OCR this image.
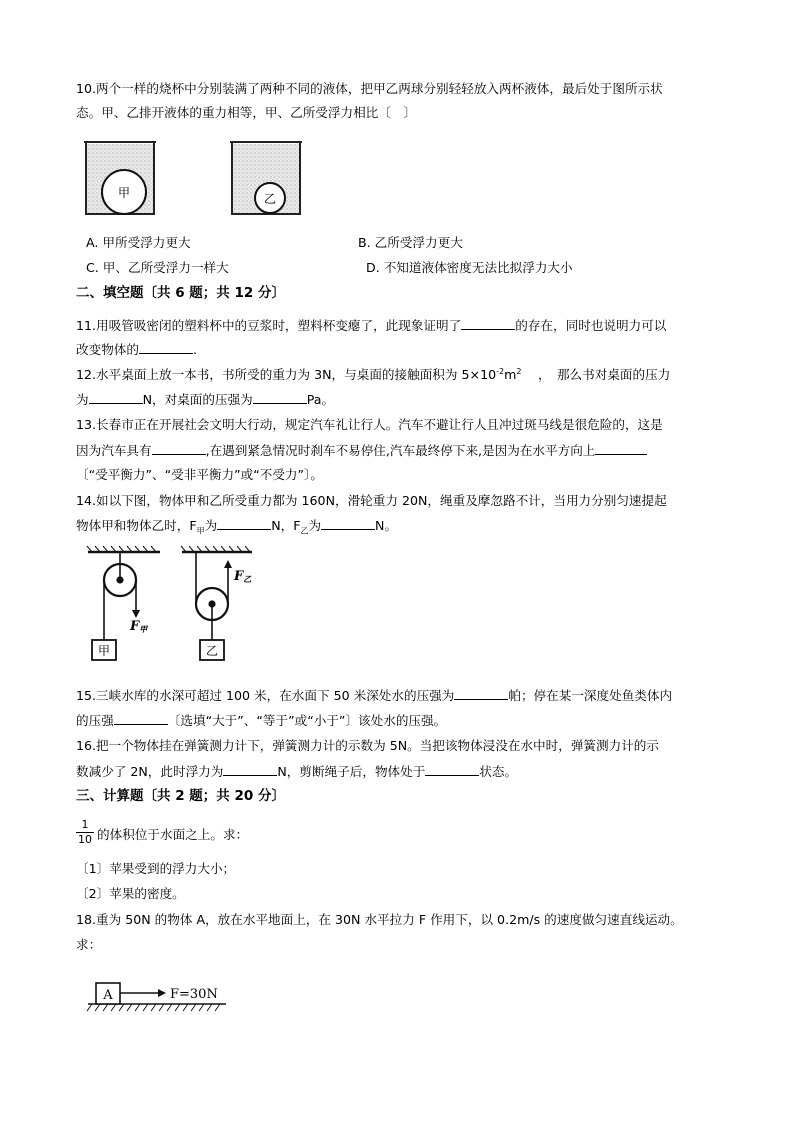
10.两个一样的烧杯中分别装满了两种不同的液体，把甲乙两球分别轻轻放入两杯液体，最后处于图所示状
态。甲、乙排开液体的重力相等，甲、乙所受浮力相比〔　〕
甲	乙
A. 甲所受浮力更大	B. 乙所受浮力更大
C. 甲、乙所受浮力一样大	D. 不知道液体密度无法比拟浮力大小
二、填空题〔共 6 题；共 12 分〕
11.用吸管吸密闭的塑料杯中的豆浆时，塑料杯变瘪了，此现象证明了	的存在，同时也说明力可以
改变物体的	.
12.水平桌面上放一本书，书所受的重力为 3N，与桌面的接触面积为 $5\times 10^{-2}m^2$ 　，　那么书对桌面的压力
为	N，对桌面的压强为	Pa。
13.长春市正在开展社会文明大行动，规定汽车礼让行人。汽车不避让行人且冲过斑马线是很危险的，这是
因为汽车具有	,在遇到紧急情况时刹车不易停住,汽车最终停下来,是因为在水平方向上
〔“受平衡力”、“受非平衡力”或“不受力”〕。
14.如以下图，物体甲和乙所受重力都为 160N，滑轮重力 20N，绳重及摩忽路不计，当用力分别匀速提起
物体甲和物体乙时，$F_甲$为	N，$F_乙$为	N。
F甲
F乙
甲	乙
15.三峡水库的水深可超过 100 米，在水面下 50 米深处水的压强为	帕；停在某一深度处鱼类体内
的压强	〔选填“大于”、“等于”或“小于”〕该处水的压强。
16.把一个物体挂在弹簧测力计下，弹簧测力计的示数为 5N。当把该物体浸没在水中时，弹簧测力计的示
数减少了 2N，此时浮力为	N，剪断绳子后，物体处于	状态。
三、计算题〔共 2 题；共 20 分〕
$\frac{1}{10}$ 的体积位于水面之上。求：
〔1〕苹果受到的浮力大小；
〔2〕苹果的密度。
18.重为 50N 的物体 A，放在水平地面上，在 30N 水平拉力 F 作用下，以 0.2m/s 的速度做匀速直线运动。
求：
A	F=30N
